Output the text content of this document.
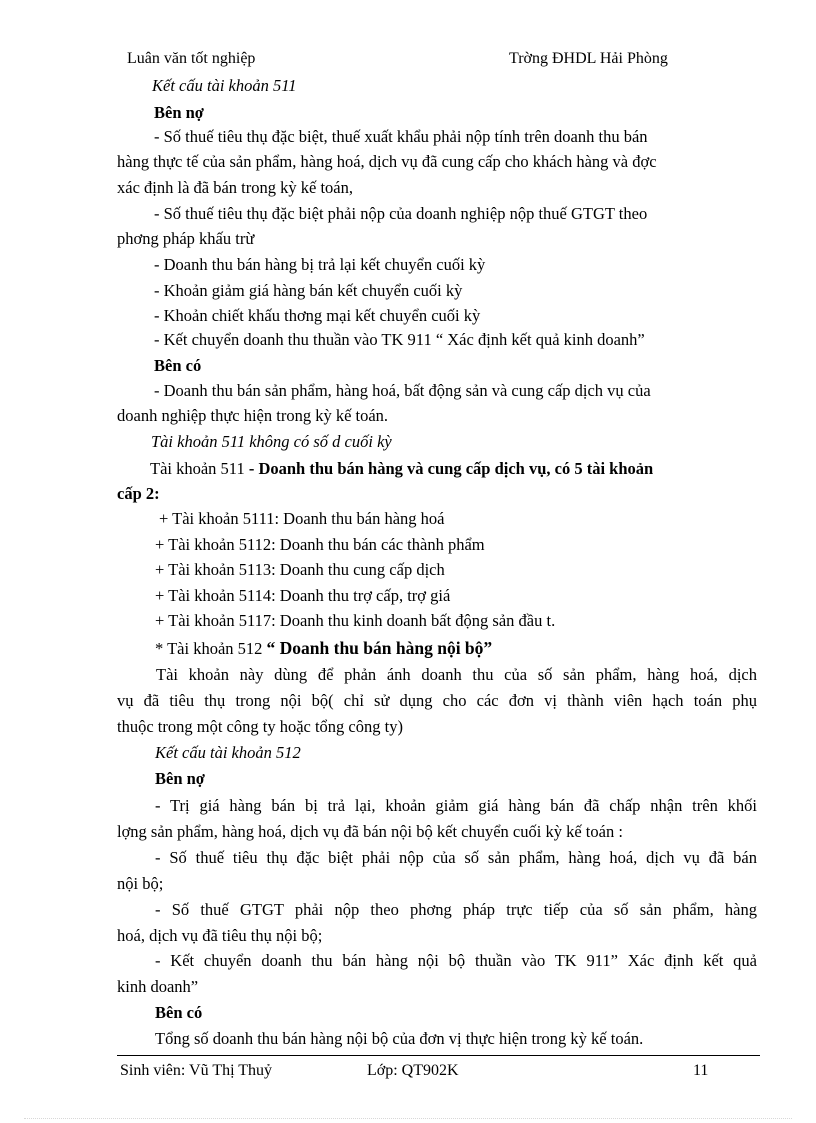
Luân văn tốt nghiệp	Trờng ĐHDL Hải Phòng
Kết cấu tài khoản 511
Bên nợ
- Số thuế tiêu thụ đặc biệt, thuế xuất khẩu phải nộp tính trên doanh thu bán
hàng thực tế của sản phẩm, hàng hoá, dịch vụ đã cung cấp cho khách hàng và đợc
xác định là đã bán trong kỳ kế toán,
- Số thuế tiêu thụ đặc biệt phải nộp của doanh nghiệp nộp thuế GTGT theo
phơng pháp khấu trừ
- Doanh thu bán hàng bị trả lại kết chuyển cuối kỳ
- Khoản giảm giá hàng bán kết chuyển cuối kỳ
- Khoản chiết khấu thơng mại kết chuyển cuối kỳ
- Kết chuyển doanh thu thuần vào TK 911 “ Xác định kết quả kinh doanh”
Bên có
- Doanh thu bán sản phẩm, hàng hoá, bất động sản và cung cấp dịch vụ của
doanh nghiệp thực hiện trong kỳ kế toán.
Tài khoản 511 không có số d cuối kỳ
Tài khoản 511 - Doanh thu bán hàng và cung cấp dịch vụ, có 5 tài khoản
cấp 2:
+ Tài khoản 5111: Doanh thu bán hàng hoá
+ Tài khoản 5112: Doanh thu bán các thành phẩm
+ Tài khoản 5113: Doanh thu cung cấp dịch
+ Tài khoản 5114: Doanh thu trợ cấp, trợ giá
+ Tài khoản 5117: Doanh thu kinh doanh bất động sản đầu t.
* Tài khoản 512 “ Doanh thu bán hàng nội bộ”
Tài khoản này dùng để phản ánh doanh thu của số sản phẩm, hàng hoá, dịch
vụ đã tiêu thụ trong nội bộ( chỉ sử dụng cho các đơn vị thành viên hạch toán phụ
thuộc trong một công ty hoặc tổng công ty)
Kết cấu tài khoản 512
Bên nợ
- Trị giá hàng bán bị trả lại, khoản giảm giá hàng bán đã chấp nhận trên khối
lợng sản phẩm, hàng hoá, dịch vụ đã bán nội bộ kết chuyển cuối kỳ kế toán :
- Số thuế tiêu thụ đặc biệt phải nộp của số sản phẩm, hàng hoá, dịch vụ đã bán
nội bộ;
- Số thuế GTGT phải nộp theo phơng pháp trực tiếp của số sản phẩm, hàng
hoá, dịch vụ đã tiêu thụ nội bộ;
- Kết chuyển doanh thu bán hàng nội bộ thuần vào TK 911” Xác định kết quả
kinh doanh”
Bên có
Tổng số doanh thu bán hàng nội bộ của đơn vị thực hiện trong kỳ kế toán.
Sinh viên: Vũ Thị Thuỷ	Lớp: QT902K	11
